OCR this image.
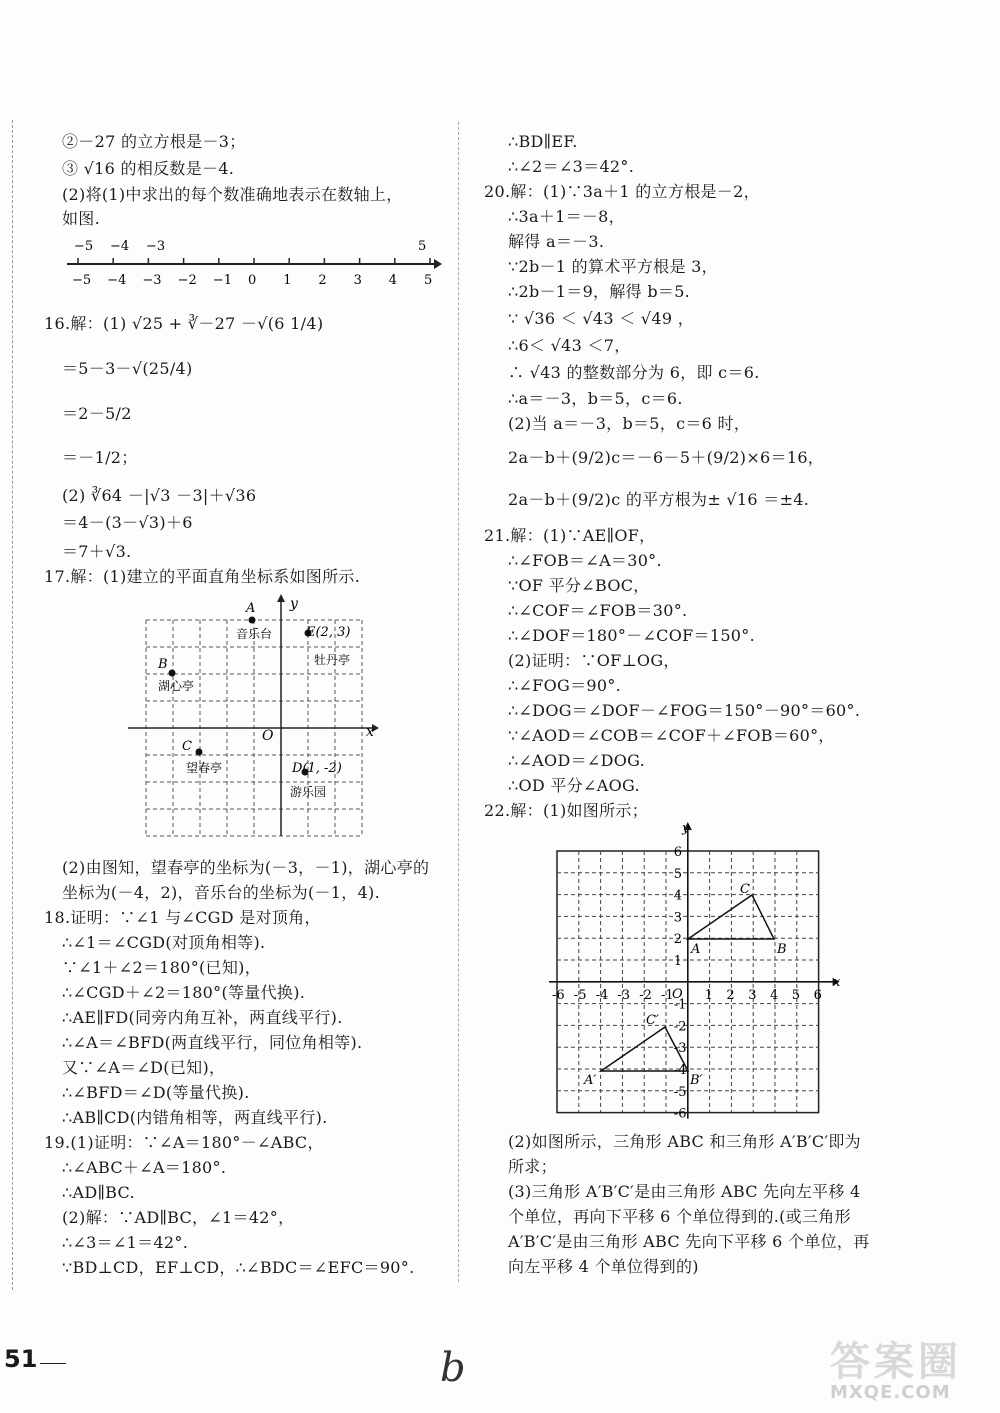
②－27 的立方根是－3；
③ √16 的相反数是－4.
(2)将(1)中求出的每个数准确地表示在数轴上，
如图.
−5 −4 −3 −2 −1 0 1 2 3 4 5
−5 −4 −3	5
16.解：(1) √25 + ∛－27 －√(6 1/4)
＝5－3－√(25/4)
＝2－5/2
＝－1/2；
(2) ∛64 －|√3 －3|＋√36
＝4－(3－√3)＋6
＝7＋√3.
17.解：(1)建立的平面直角坐标系如图所示.
y
x
O
A
音乐台	E(2, 3)
牡丹亭
B
湖心亭
C
望春亭	D(1, -2)
游乐园
(2)由图知，望春亭的坐标为(－3，－1)，湖心亭的
坐标为(－4，2)，音乐台的坐标为(－1，4).
18.证明：∵∠1 与∠CGD 是对顶角，
∴∠1＝∠CGD(对顶角相等).
∵∠1＋∠2＝180°(已知)，
∴∠CGD＋∠2＝180°(等量代换).
∴AE∥FD(同旁内角互补，两直线平行).
∴∠A＝∠BFD(两直线平行，同位角相等).
又∵∠A＝∠D(已知)，
∴∠BFD＝∠D(等量代换).
∴AB∥CD(内错角相等，两直线平行).
19.(1)证明：∵∠A＝180°－∠ABC，
∴∠ABC＋∠A＝180°.
∴AD∥BC.
(2)解：∵AD∥BC，∠1＝42°，
∴∠3＝∠1＝42°.
∵BD⊥CD，EF⊥CD，∴∠BDC＝∠EFC＝90°.
∴BD∥EF.
∴∠2＝∠3＝42°.
20.解：(1)∵3a＋1 的立方根是－2，
∴3a＋1＝－8，
解得 a＝－3.
∵2b－1 的算术平方根是 3，
∴2b－1＝9，解得 b＝5.
∵ √36 ＜ √43 ＜ √49 ，
∴6＜ √43 ＜7，
∴ √43 的整数部分为 6，即 c＝6.
∴a＝－3，b＝5，c＝6.
(2)当 a＝－3，b＝5，c＝6 时，
2a－b＋(9/2)c＝－6－5＋(9/2)×6＝16，
2a－b＋(9/2)c 的平方根为± √16 ＝±4.
21.解：(1)∵AE∥OF，
∴∠FOB＝∠A＝30°.
∵OF 平分∠BOC，
∴∠COF＝∠FOB＝30°.
∴∠DOF＝180°－∠COF＝150°.
(2)证明：∵OF⊥OG，
∴∠FOG＝90°.
∴∠DOG＝∠DOF－∠FOG＝150°－90°＝60°.
∵∠AOD＝∠COB＝∠COF＋∠FOB＝60°，
∴∠AOD＝∠DOG.
∴OD 平分∠AOG.
22.解：(1)如图所示；
x
y
O
-6 -5 -4 -3 -2 -1 1 2 3 4 5 6
6
5
4
3
2
1
-1
-2
-3
-4
-5
-6
A	B
C
A′	B′
C′
(2)如图所示，三角形 ABC 和三角形 A′B′C′即为
所求；
(3)三角形 A′B′C′是由三角形 ABC 先向左平移 4
个单位，再向下平移 6 个单位得到的.(或三角形
A′B′C′是由三角形 ABC 先向下平移 6 个单位，再
向左平移 4 个单位得到的)
51	b	答案圈
MXQE.COM
